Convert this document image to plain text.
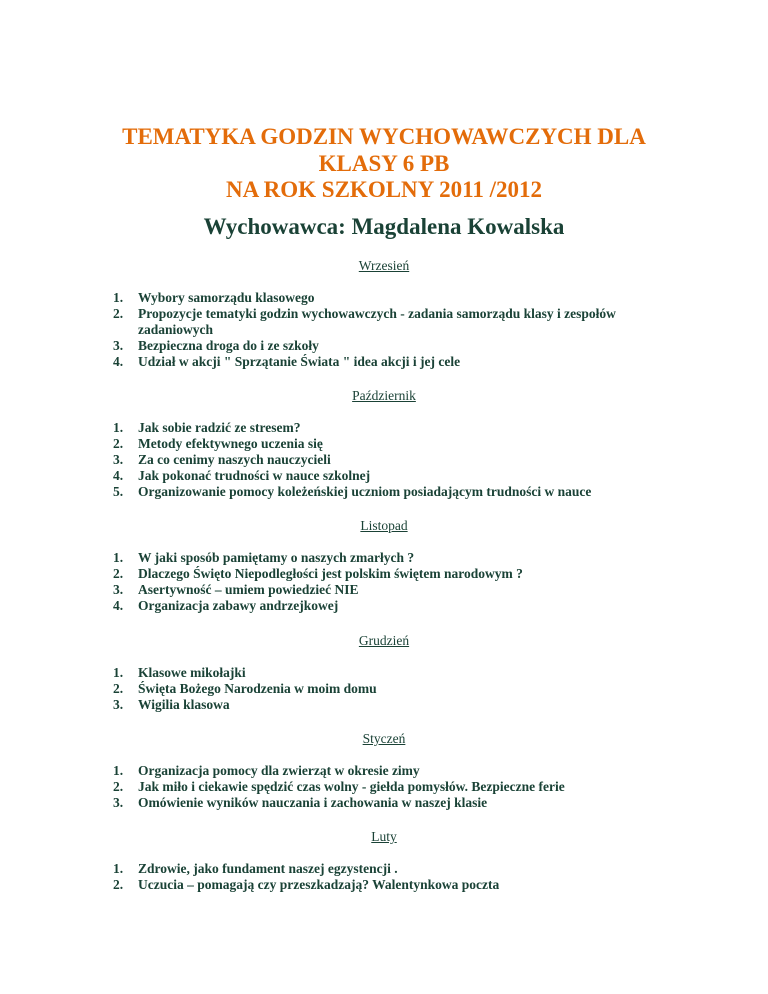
TEMATYKA GODZIN WYCHOWAWCZYCH DLA
KLASY 6 PB
NA ROK SZKOLNY 2011 /2012
Wychowawca: Magdalena Kowalska
Wrzesień
1. Wybory samorządu klasowego
2. Propozycje tematyki godzin wychowawczych - zadania samorządu klasy i zespołów zadaniowych
3. Bezpieczna droga do i ze szkoły
4. Udział w akcji " Sprzątanie Świata " idea akcji i jej cele
Październik
1. Jak sobie radzić ze stresem?
2. Metody efektywnego uczenia się
3. Za co cenimy naszych nauczycieli
4. Jak pokonać trudności w nauce szkolnej
5. Organizowanie pomocy koleżeńskiej uczniom posiadającym trudności w nauce
Listopad
1. W jaki sposób pamiętamy o naszych zmarłych ?
2. Dlaczego Święto Niepodległości jest polskim świętem narodowym ?
3. Asertywność – umiem powiedzieć NIE
4. Organizacja zabawy andrzejkowej
Grudzień
1. Klasowe mikołajki
2. Święta Bożego Narodzenia w moim domu
3. Wigilia klasowa
Styczeń
1. Organizacja pomocy dla zwierząt w okresie zimy
2. Jak miło i ciekawie spędzić czas wolny - giełda pomysłów. Bezpieczne ferie
3. Omówienie wyników nauczania i zachowania w naszej klasie
Luty
1. Zdrowie, jako fundament naszej egzystencji .
2. Uczucia – pomagają czy przeszkadzają? Walentynkowa poczta
